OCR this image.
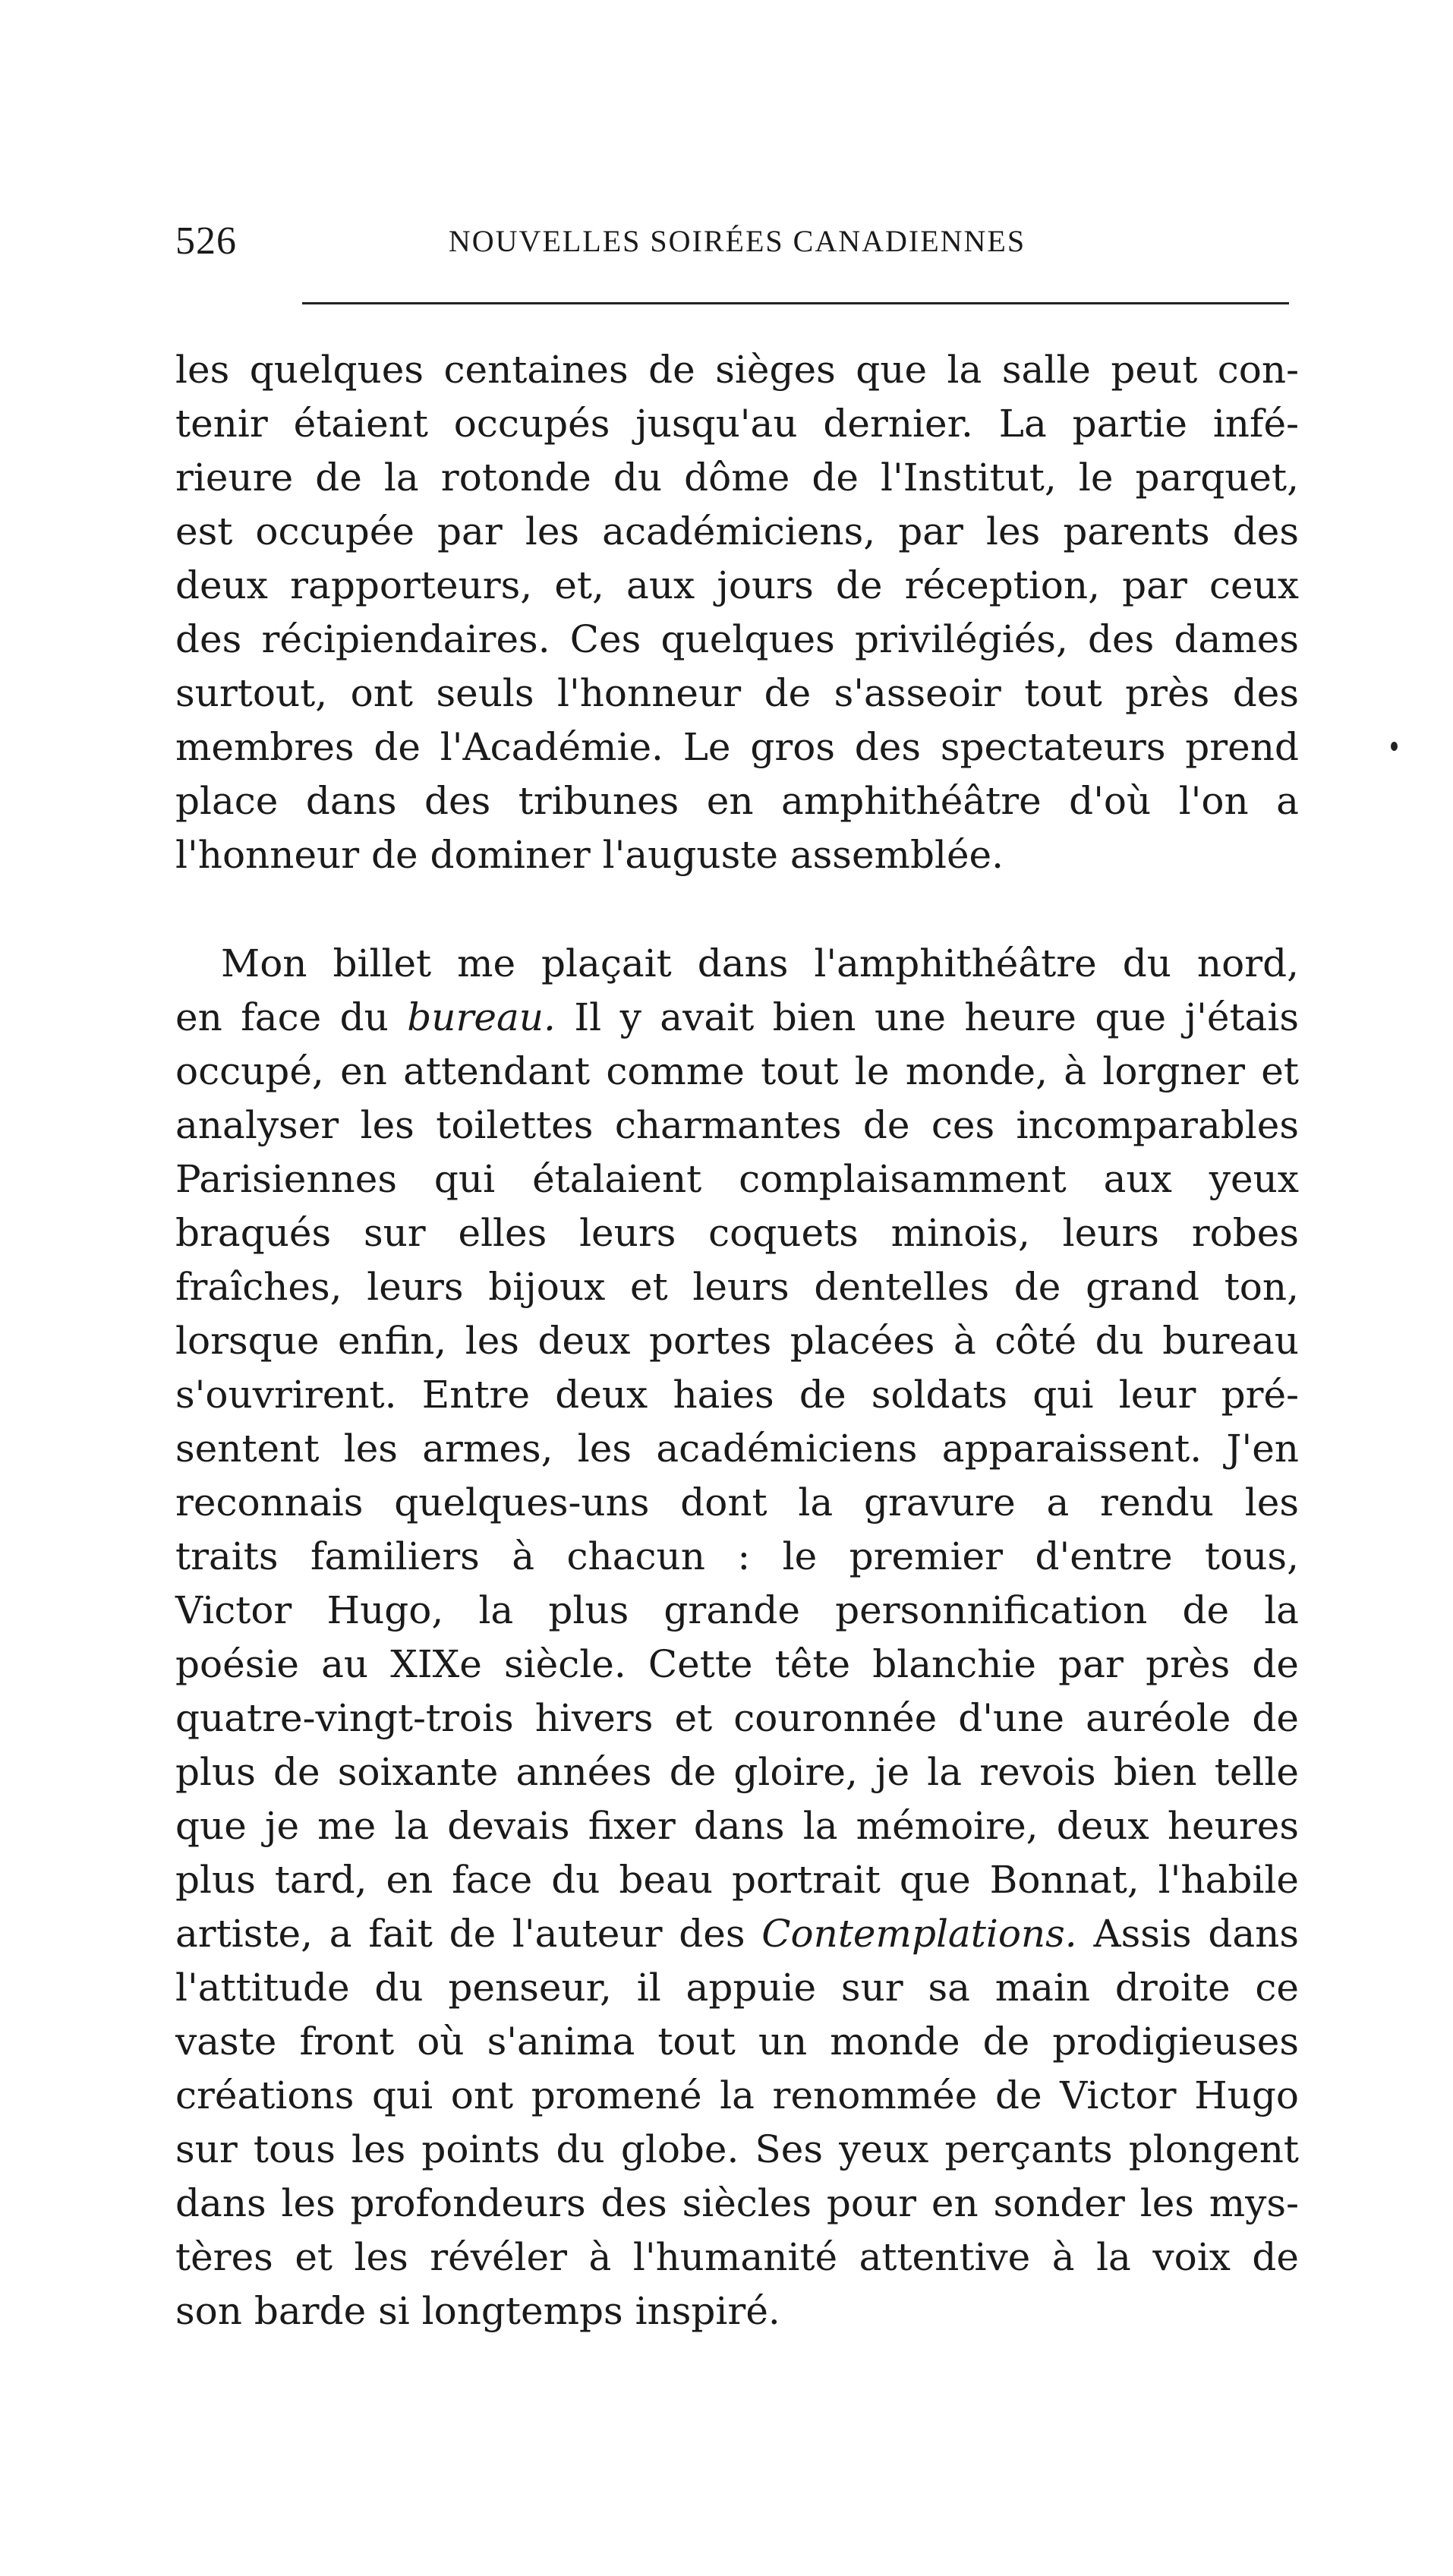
526	NOUVELLES SOIRÉES CANADIENNES
les quelques centaines de sièges que la salle peut con-
tenir étaient occupés jusqu'au dernier. La partie infé-
rieure de la rotonde du dôme de l'Institut, le parquet,
est occupée par les académiciens, par les parents des
deux rapporteurs, et, aux jours de réception, par ceux
des récipiendaires. Ces quelques privilégiés, des dames
surtout, ont seuls l'honneur de s'asseoir tout près des
membres de l'Académie. Le gros des spectateurs prend
place dans des tribunes en amphithéâtre d'où l'on a
l'honneur de dominer l'auguste assemblée.
Mon billet me plaçait dans l'amphithéâtre du nord,
en face du bureau. Il y avait bien une heure que j'étais
occupé, en attendant comme tout le monde, à lorgner et
analyser les toilettes charmantes de ces incomparables
Parisiennes qui étalaient complaisamment aux yeux
braqués sur elles leurs coquets minois, leurs robes
fraîches, leurs bijoux et leurs dentelles de grand ton,
lorsque enfin, les deux portes placées à côté du bureau
s'ouvrirent. Entre deux haies de soldats qui leur pré-
sentent les armes, les académiciens apparaissent. J'en
reconnais quelques-uns dont la gravure a rendu les
traits familiers à chacun : le premier d'entre tous,
Victor Hugo, la plus grande personnification de la
poésie au XIXe siècle. Cette tête blanchie par près de
quatre-vingt-trois hivers et couronnée d'une auréole de
plus de soixante années de gloire, je la revois bien telle
que je me la devais fixer dans la mémoire, deux heures
plus tard, en face du beau portrait que Bonnat, l'habile
artiste, a fait de l'auteur des Contemplations. Assis dans
l'attitude du penseur, il appuie sur sa main droite ce
vaste front où s'anima tout un monde de prodigieuses
créations qui ont promené la renommée de Victor Hugo
sur tous les points du globe. Ses yeux perçants plongent
dans les profondeurs des siècles pour en sonder les mys-
tères et les révéler à l'humanité attentive à la voix de
son barde si longtemps inspiré.
